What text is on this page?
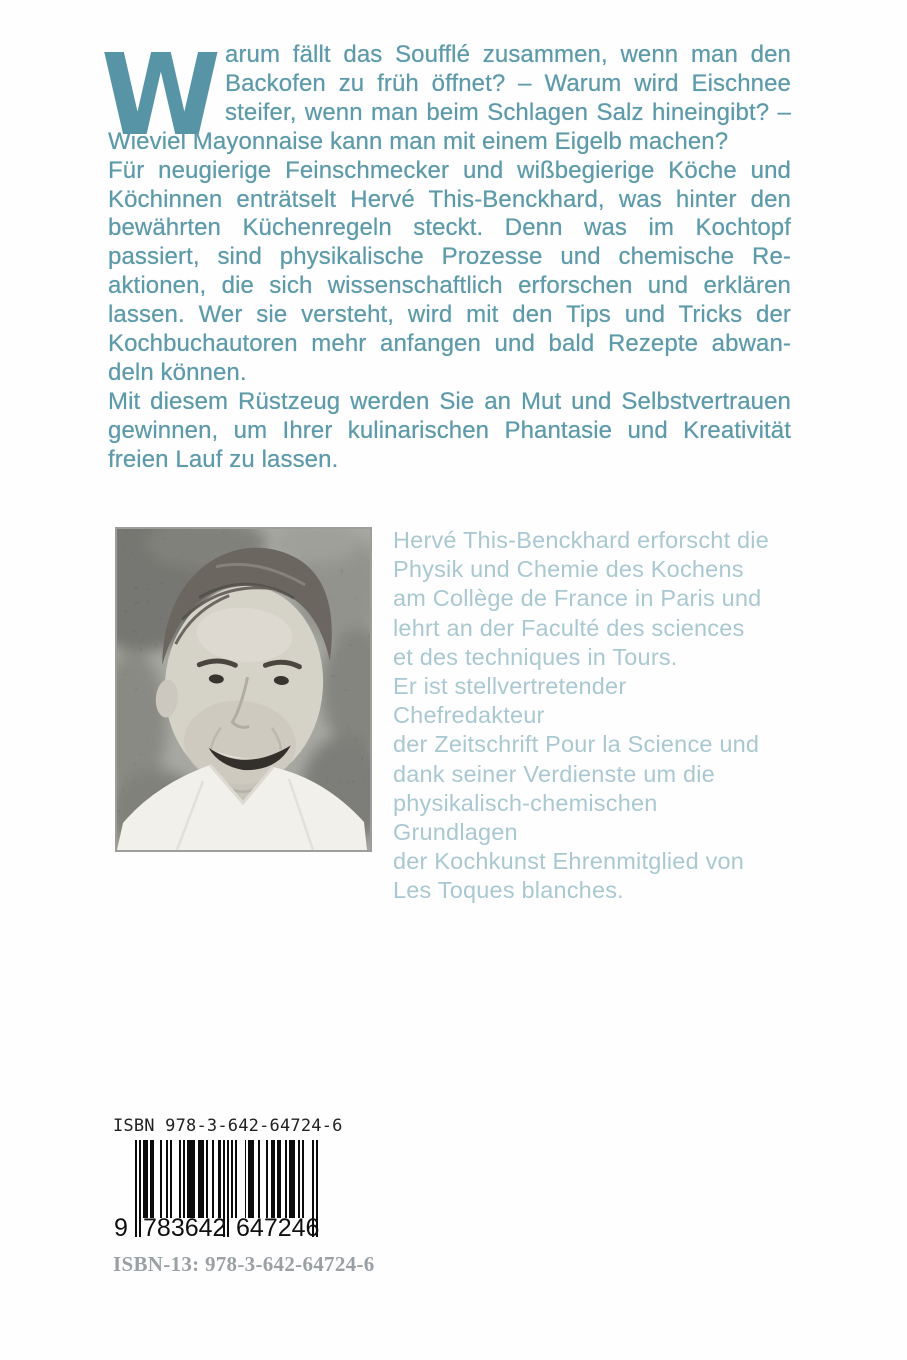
W arum fällt das Soufflé zusammen, wenn man den
Backofen zu früh öffnet? – Warum wird Eischnee
steifer, wenn man beim Schlagen Salz hineingibt? –
Wieviel Mayonnaise kann man mit einem Eigelb machen?
Für neugierige Feinschmecker und wißbegierige Köche und
Köchinnen enträtselt Hervé This-Benckhard, was hinter den
bewährten Küchenregeln steckt. Denn was im Kochtopf
passiert, sind physikalische Prozesse und chemische Re-
aktionen, die sich wissenschaftlich erforschen und erklären
lassen. Wer sie versteht, wird mit den Tips und Tricks der
Kochbuchautoren mehr anfangen und bald Rezepte abwan-
deln können.
Mit diesem Rüstzeug werden Sie an Mut und Selbstvertrauen
gewinnen, um Ihrer kulinarischen Phantasie und Kreativität
freien Lauf zu lassen.
Hervé This-Benckhard erforscht die
Physik und Chemie des Kochens
am Collège de France in Paris und
lehrt an der Faculté des sciences
et des techniques in Tours.
Er ist stellvertretender Chefredakteur
der Zeitschrift Pour la Science und
dank seiner Verdienste um die
physikalisch-chemischen Grundlagen
der Kochkunst Ehrenmitglied von
Les Toques blanches.
ISBN 978-3-642-64724-6
9 7 8 3 6 4 2 6 4 7 2 4 6
ISBN-13: 978-3-642-64724-6
